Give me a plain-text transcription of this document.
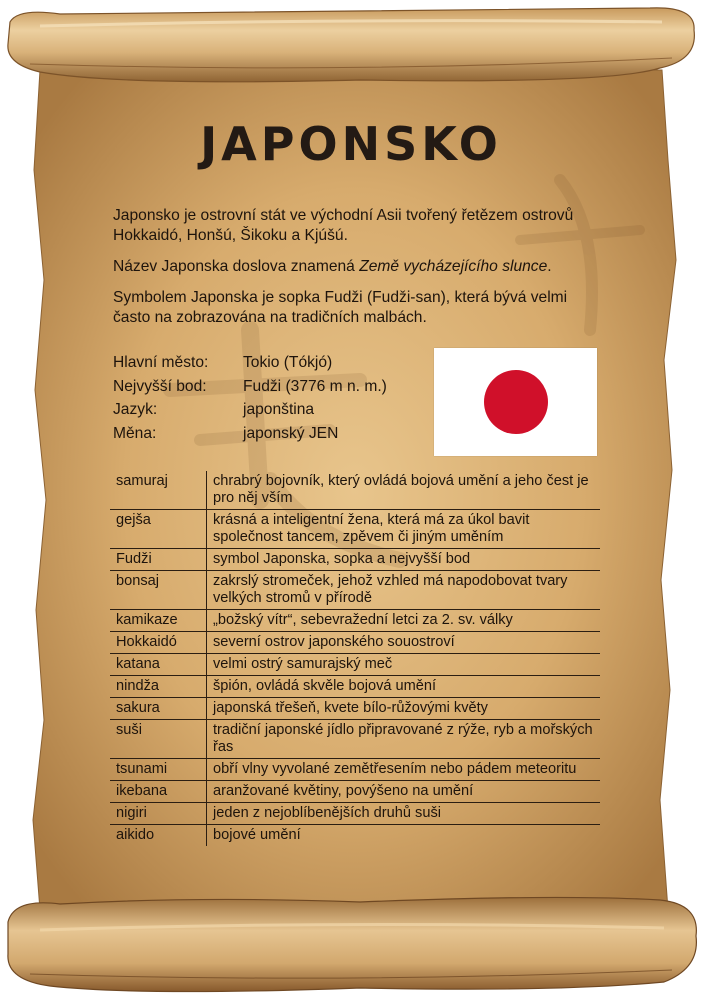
JAPONSKO

Japonsko je ostrovní stát ve východní Asii tvořený řetězem ostrovů Hokkaidó, Honšú, Šikoku a Kjúšú.

Název Japonska doslova znamená Země vycházejícího slunce.

Symbolem Japonska je sopka Fudži (Fudži-san), která bývá velmi často na zobrazována na tradičních malbách.

Hlavní město:	Tokio (Tókjó)
Nejvyšší bod:	Fudži (3776 m n. m.)
Jazyk:	japonština
Měna:	japonský JEN
samuraj	chrabrý bojovník, který ovládá bojová umění a jeho čest je pro něj vším
gejša	krásná a inteligentní žena, která má za úkol bavit společnost tancem, zpěvem či jiným uměním
Fudži	symbol Japonska, sopka a nejvyšší bod
bonsaj	zakrslý stromeček, jehož vzhled má napodobovat tvary velkých stromů v přírodě
kamikaze	„božský vítr“, sebevražední letci za 2. sv. války
Hokkaidó	severní ostrov japonského souostroví
katana	velmi ostrý samurajský meč
nindža	špión, ovládá skvěle bojová umění
sakura	japonská třešeň, kvete bílo-růžovými květy
suši	tradiční japonské jídlo připravované z rýže, ryb a mořských řas
tsunami	obří vlny vyvolané zemětřesením nebo pádem meteoritu
ikebana	aranžované květiny, povýšeno na umění
nigiri	jeden z nejoblíbenějších druhů suši
aikido	bojové umění
